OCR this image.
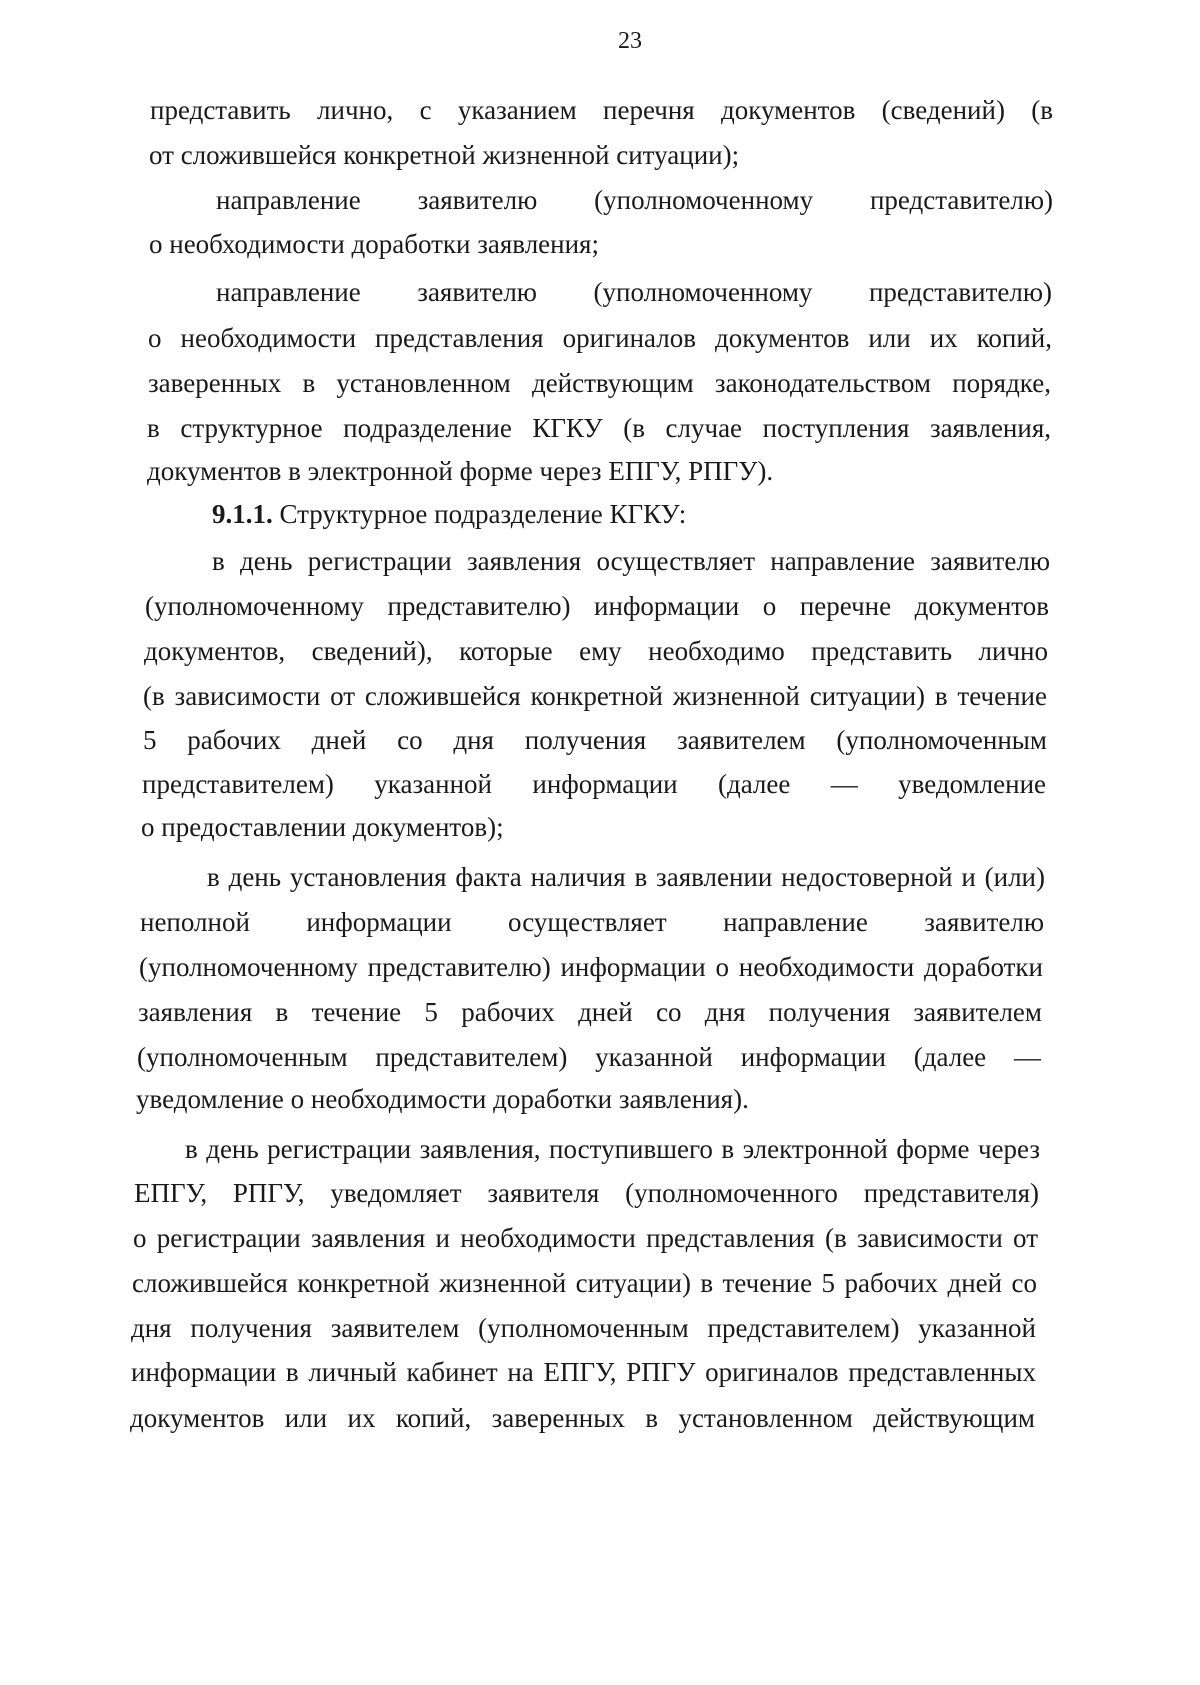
23
представить лично, с указанием перечня документов (сведений) (в
от сложившейся конкретной жизненной ситуации);
направление заявителю (уполномоченному представителю)
о необходимости доработки заявления;
направление заявителю (уполномоченному представителю)
о необходимости представления оригиналов документов или их копий,
заверенных в установленном действующим законодательством порядке,
в структурное подразделение КГКУ (в случае поступления заявления,
документов в электронной форме через ЕПГУ, РПГУ).
9.1.1. Структурное подразделение КГКУ:
в день регистрации заявления осуществляет направление заявителю
(уполномоченному представителю) информации о перечне документов
документов, сведений), которые ему необходимо представить лично
(в зависимости от сложившейся конкретной жизненной ситуации) в течение
5 рабочих дней со дня получения заявителем (уполномоченным
представителем) указанной информации (далее — уведомление
о предоставлении документов);
в день установления факта наличия в заявлении недостоверной и (или)
неполной информации осуществляет направление заявителю
(уполномоченному представителю) информации о необходимости доработки
заявления в течение 5 рабочих дней со дня получения заявителем
(уполномоченным представителем) указанной информации (далее —
уведомление о необходимости доработки заявления).
в день регистрации заявления, поступившего в электронной форме через
ЕПГУ, РПГУ, уведомляет заявителя (уполномоченного представителя)
о регистрации заявления и необходимости представления (в зависимости от
сложившейся конкретной жизненной ситуации) в течение 5 рабочих дней со
дня получения заявителем (уполномоченным представителем) указанной
информации в личный кабинет на ЕПГУ, РПГУ оригиналов представленных
документов или их копий, заверенных в установленном действующим
